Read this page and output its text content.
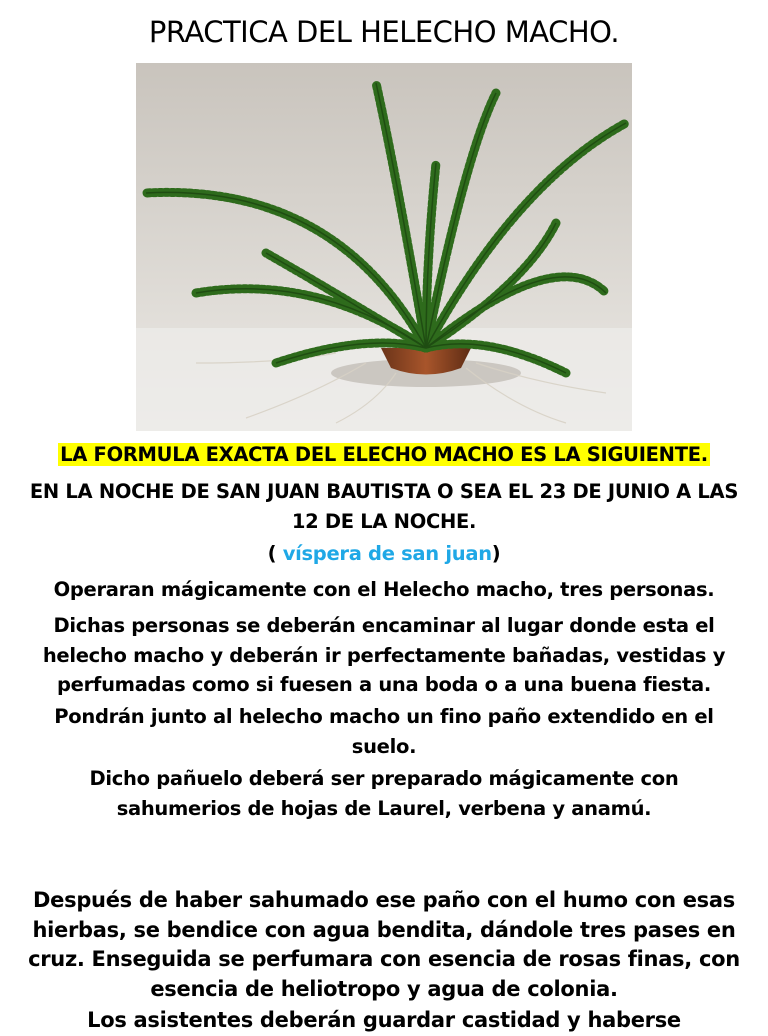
PRACTICA DEL HELECHO MACHO.
LA FORMULA EXACTA DEL ELECHO MACHO ES LA SIGUIENTE.
EN LA NOCHE DE SAN JUAN BAUTISTA O SEA EL 23 DE JUNIO A LAS 12 DE LA NOCHE.
( víspera de san juan)
Operaran mágicamente con el Helecho macho, tres personas.
Dichas personas se deberán encaminar al lugar donde esta el helecho macho y deberán ir perfectamente bañadas, vestidas y perfumadas como si fuesen a una boda o a una buena fiesta.
Pondrán junto al helecho macho un fino paño extendido en el suelo.
Dicho pañuelo deberá ser preparado mágicamente con sahumerios de hojas de Laurel, verbena y anamú.
Después de haber sahumado ese paño con el humo con esas hierbas, se bendice con agua bendita, dándole tres pases en cruz. Enseguida se perfumara con esencia de rosas finas, con esencia de heliotropo y agua de colonia.
Los asistentes deberán guardar castidad y haberse
